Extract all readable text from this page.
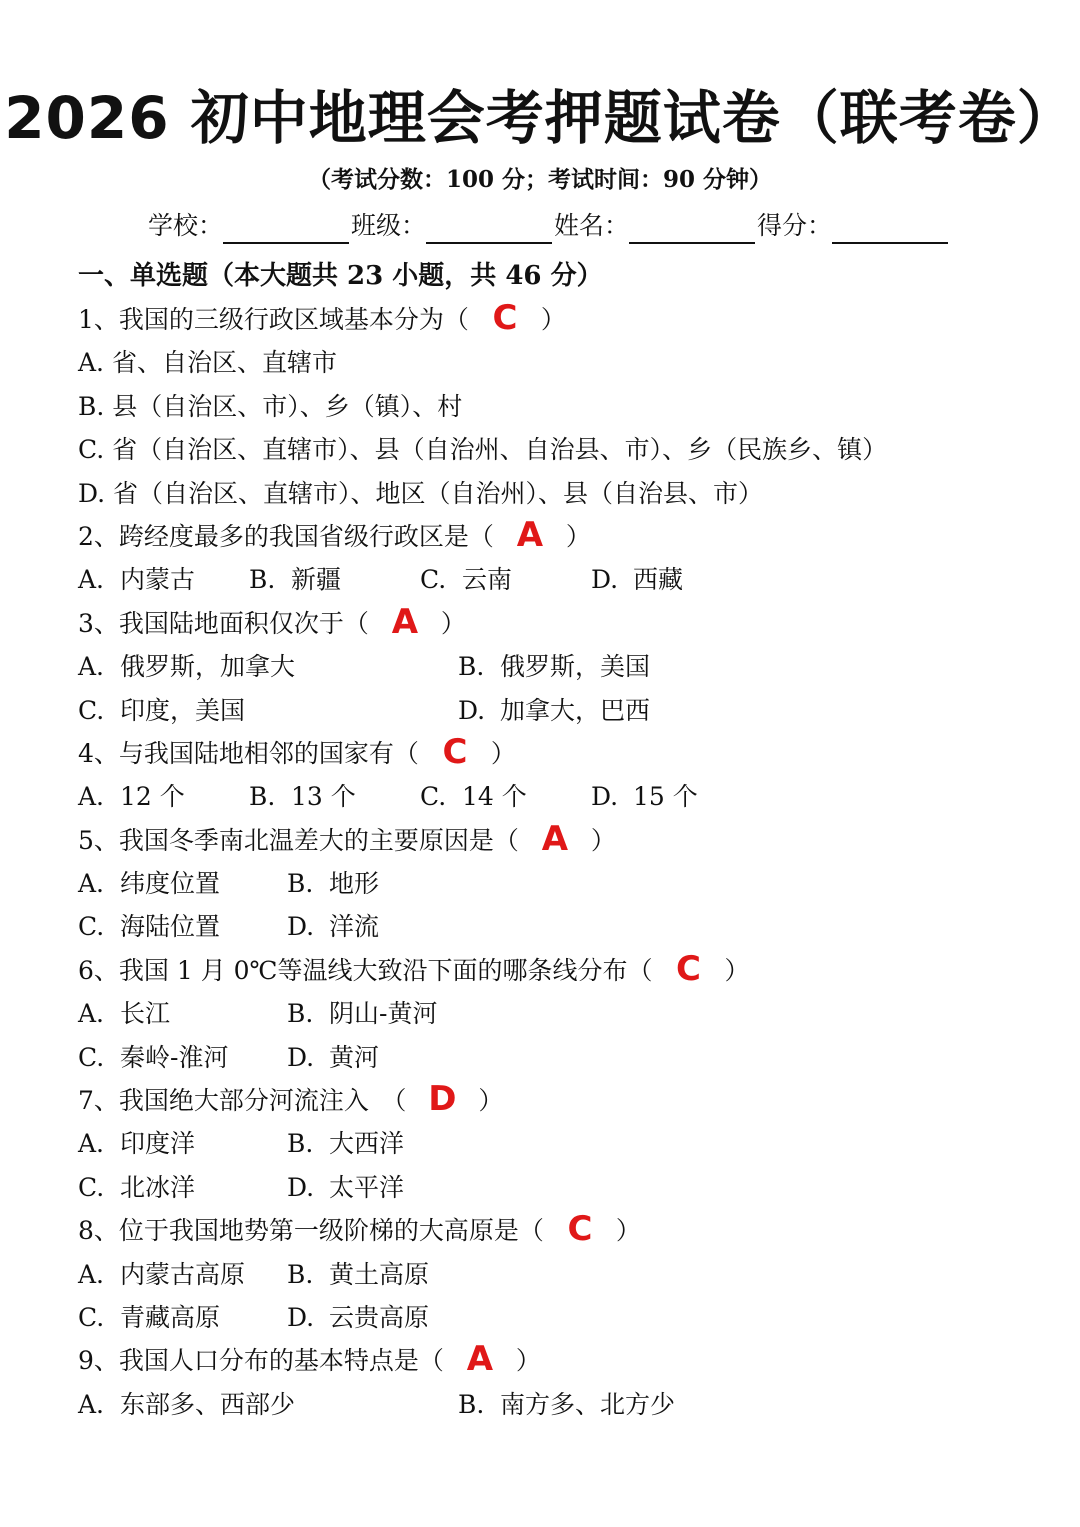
2026 初中地理会考押题试卷（联考卷）
（考试分数：100 分；考试时间：90 分钟）
学校：	班级：	姓名：	得分：
一、单选题（本大题共 23 小题，共 46 分）
1、我国的三级行政区域基本分为（ C ）
A. 省、自治区、直辖市
B. 县（自治区、市）、乡（镇）、村
C. 省（自治区、直辖市）、县（自治州、自治县、市）、乡（民族乡、镇）
D. 省（自治区、直辖市）、地区（自治州）、县（自治县、市）
2、跨经度最多的我国省级行政区是（ A ）
A. 内蒙古	B. 新疆	C. 云南	D. 西藏
3、我国陆地面积仅次于（ A ）
A. 俄罗斯，加拿大	B. 俄罗斯，美国
C. 印度，美国	D. 加拿大，巴西
4、与我国陆地相邻的国家有（ C ）
A. 12 个	B. 13 个	C. 14 个	D. 15 个
5、我国冬季南北温差大的主要原因是（ A ）
A. 纬度位置	B. 地形
C. 海陆位置	D. 洋流
6、我国 1 月 0℃等温线大致沿下面的哪条线分布（ C ）
A. 长江	B. 阴山-黄河
C. 秦岭-淮河	D. 黄河
7、我国绝大部分河流注入　（ D ）
A. 印度洋	B. 大西洋
C. 北冰洋	D. 太平洋
8、位于我国地势第一级阶梯的大高原是（ C ）
A. 内蒙古高原	B. 黄土高原
C. 青藏高原	D. 云贵高原
9、我国人口分布的基本特点是（ A ）
A. 东部多、西部少	B. 南方多、北方少
